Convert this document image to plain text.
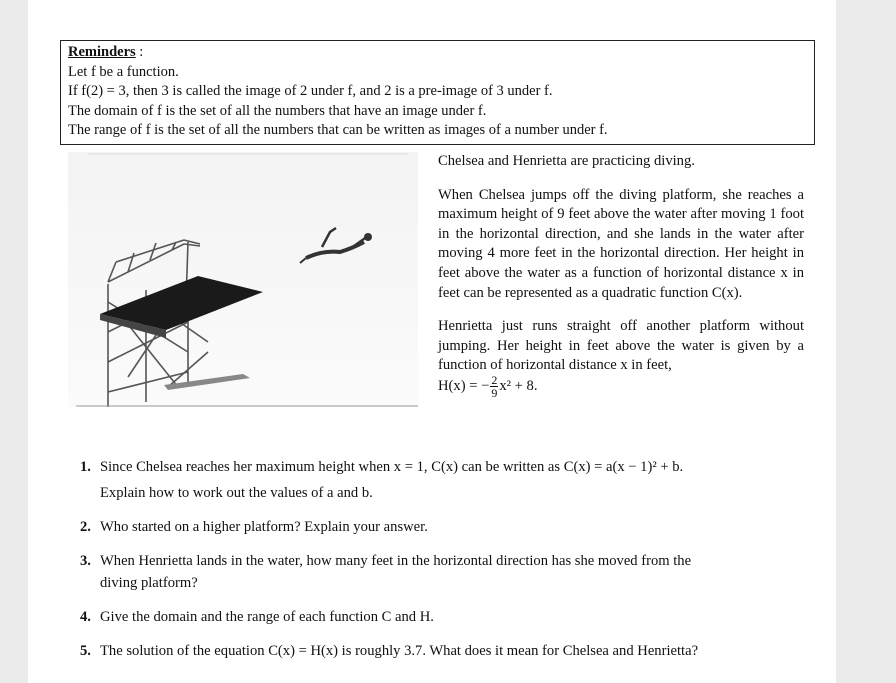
Reminders :
Let f be a function.
If f(2) = 3, then 3 is called the image of 2 under f, and 2 is a pre-image of 3 under f.
The domain of f is the set of all the numbers that have an image under f.
The range of f is the set of all the numbers that can be written as images of a number under f.

Chelsea and Henrietta are practicing diving.

When Chelsea jumps off the diving platform, she reaches a maximum height of 9 feet above the water after moving 1 foot in the horizontal direction, and she lands in the water after moving 4 more feet in the horizontal direction. Her height in feet above the water as a function of horizontal distance x in feet can be represented as a quadratic function C(x).

Henrietta just runs straight off another platform without jumping. Her height in feet above the water is given by a function of horizontal distance x in feet,

H(x) = − $\frac{2}{9} x^2 + 8$.
1. Since Chelsea reaches her maximum height when x = 1, C(x) can be written as C(x) = a(x − 1)² + b.
Explain how to work out the values of a and b.
2. Who started on a higher platform? Explain your answer.
3. When Henrietta lands in the water, how many feet in the horizontal direction has she moved from the
diving platform?
4. Give the domain and the range of each function C and H.
5. The solution of the equation C(x) = H(x) is roughly 3.7. What does it mean for Chelsea and Henrietta?
